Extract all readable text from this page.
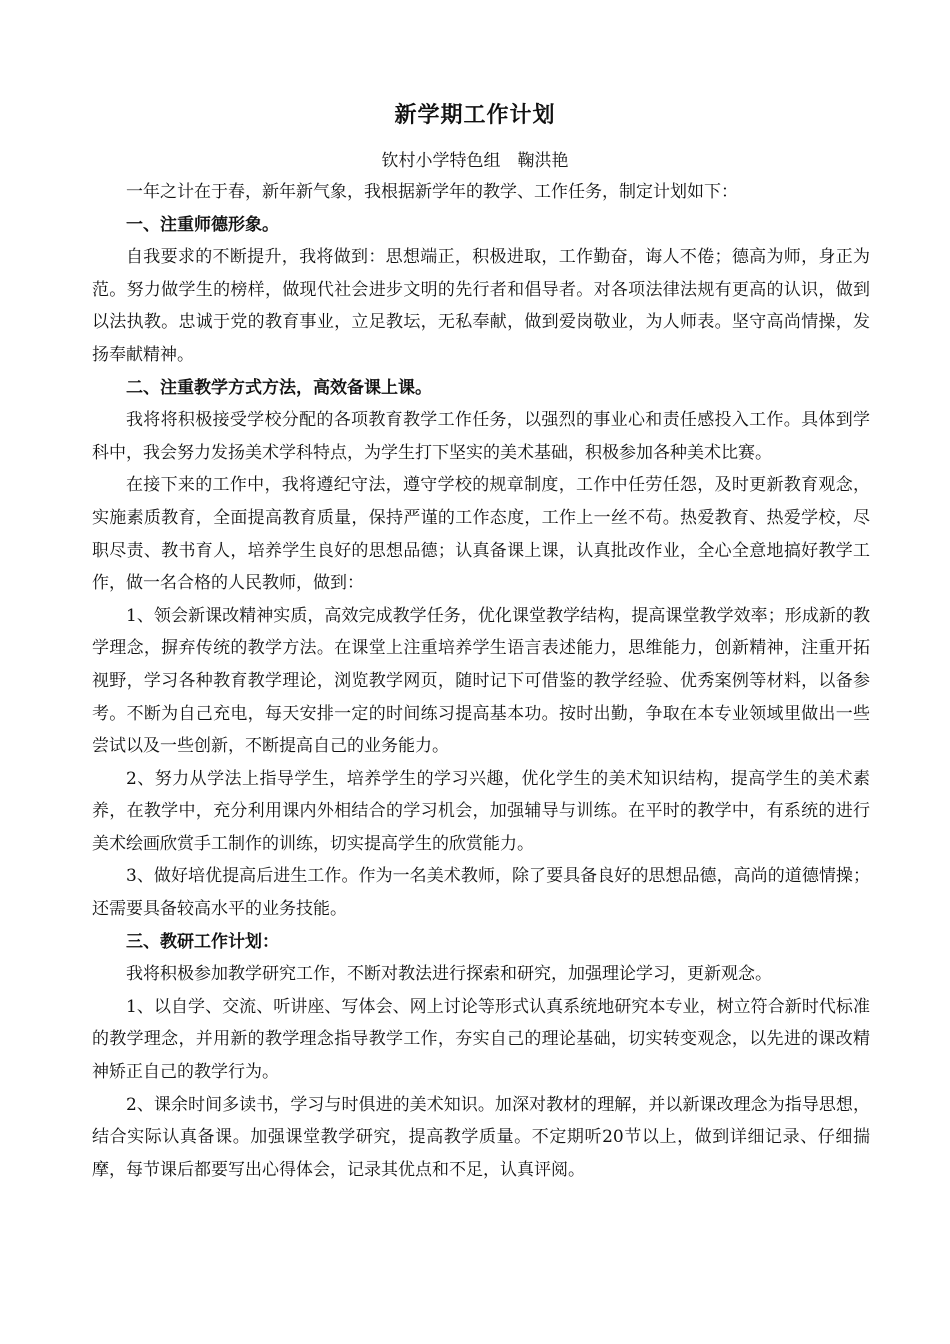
新学期工作计划
钦村小学特色组　鞠洪艳

一年之计在于春，新年新气象，我根据新学年的教学、工作任务，制定计划如下：

一、注重师德形象。

自我要求的不断提升，我将做到：思想端正，积极进取，工作勤奋，诲人不倦；德高为师，身正为范。努力做学生的榜样，做现代社会进步文明的先行者和倡导者。对各项法律法规有更高的认识，做到以法执教。忠诚于党的教育事业，立足教坛，无私奉献，做到爱岗敬业，为人师表。坚守高尚情操，发扬奉献精神。

二、注重教学方式方法，高效备课上课。

我将将积极接受学校分配的各项教育教学工作任务，以强烈的事业心和责任感投入工作。具体到学科中，我会努力发扬美术学科特点，为学生打下坚实的美术基础，积极参加各种美术比赛。

在接下来的工作中，我将遵纪守法，遵守学校的规章制度，工作中任劳任怨，及时更新教育观念，实施素质教育，全面提高教育质量，保持严谨的工作态度，工作上一丝不苟。热爱教育、热爱学校，尽职尽责、教书育人，培养学生良好的思想品德；认真备课上课，认真批改作业，全心全意地搞好教学工作，做一名合格的人民教师，做到：

1、领会新课改精神实质，高效完成教学任务，优化课堂教学结构，提高课堂教学效率；形成新的教学理念，摒弃传统的教学方法。在课堂上注重培养学生语言表述能力，思维能力，创新精神，注重开拓视野，学习各种教育教学理论，浏览教学网页，随时记下可借鉴的教学经验、优秀案例等材料，以备参考。不断为自己充电，每天安排一定的时间练习提高基本功。按时出勤，争取在本专业领域里做出一些尝试以及一些创新，不断提高自己的业务能力。

2、努力从学法上指导学生，培养学生的学习兴趣，优化学生的美术知识结构，提高学生的美术素养，在教学中，充分利用课内外相结合的学习机会，加强辅导与训练。在平时的教学中，有系统的进行美术绘画欣赏手工制作的训练，切实提高学生的欣赏能力。

3、做好培优提高后进生工作。作为一名美术教师，除了要具备良好的思想品德，高尚的道德情操；还需要具备较高水平的业务技能。

三、教研工作计划：

我将积极参加教学研究工作，不断对教法进行探索和研究，加强理论学习，更新观念。

1、以自学、交流、听讲座、写体会、网上讨论等形式认真系统地研究本专业，树立符合新时代标准的教学理念，并用新的教学理念指导教学工作，夯实自己的理论基础，切实转变观念，以先进的课改精神矫正自己的教学行为。

2、课余时间多读书，学习与时俱进的美术知识。加深对教材的理解，并以新课改理念为指导思想，结合实际认真备课。加强课堂教学研究，提高教学质量。不定期听20节以上，做到详细记录、仔细揣摩，每节课后都要写出心得体会，记录其优点和不足，认真评阅。
